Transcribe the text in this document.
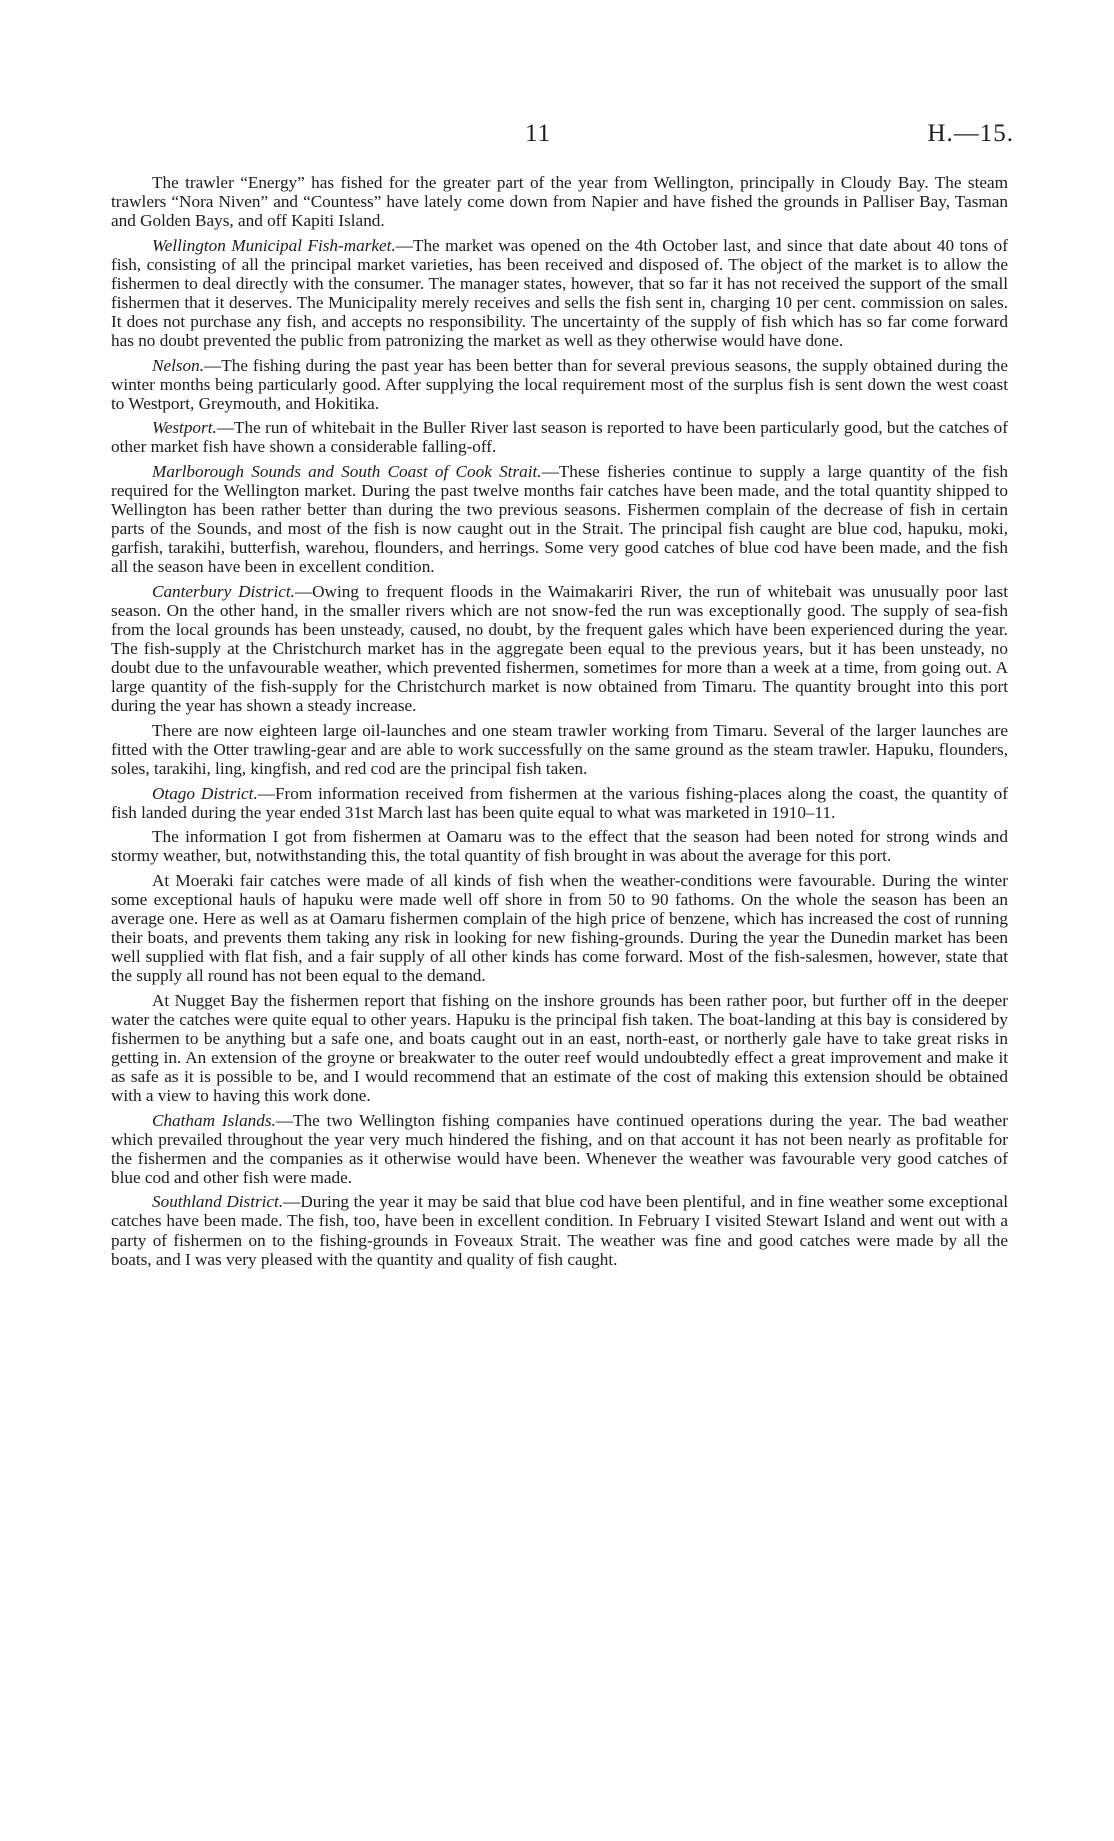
11	H.—15.

The trawler “Energy” has fished for the greater part of the year from Wellington, principally in Cloudy Bay. The steam trawlers “Nora Niven” and “Countess” have lately come down from Napier and have fished the grounds in Palliser Bay, Tasman and Golden Bays, and off Kapiti Island.

Wellington Municipal Fish-market.—The market was opened on the 4th October last, and since that date about 40 tons of fish, consisting of all the principal market varieties, has been received and disposed of. The object of the market is to allow the fishermen to deal directly with the consumer. The manager states, however, that so far it has not received the support of the small fishermen that it deserves. The Municipality merely receives and sells the fish sent in, charging 10 per cent. commission on sales. It does not purchase any fish, and accepts no responsibility. The uncertainty of the supply of fish which has so far come forward has no doubt prevented the public from patronizing the market as well as they otherwise would have done.

Nelson.—The fishing during the past year has been better than for several previous seasons, the supply obtained during the winter months being particularly good. After supplying the local requirement most of the surplus fish is sent down the west coast to Westport, Greymouth, and Hokitika.

Westport.—The run of whitebait in the Buller River last season is reported to have been particularly good, but the catches of other market fish have shown a considerable falling-off.

Marlborough Sounds and South Coast of Cook Strait.—These fisheries continue to supply a large quantity of the fish required for the Wellington market. During the past twelve months fair catches have been made, and the total quantity shipped to Wellington has been rather better than during the two previous seasons. Fishermen complain of the decrease of fish in certain parts of the Sounds, and most of the fish is now caught out in the Strait. The principal fish caught are blue cod, hapuku, moki, garfish, tarakihi, butterfish, warehou, flounders, and herrings. Some very good catches of blue cod have been made, and the fish all the season have been in excellent condition.

Canterbury District.—Owing to frequent floods in the Waimakariri River, the run of whitebait was unusually poor last season. On the other hand, in the smaller rivers which are not snow-fed the run was exceptionally good. The supply of sea-fish from the local grounds has been unsteady, caused, no doubt, by the frequent gales which have been experienced during the year. The fish-supply at the Christchurch market has in the aggregate been equal to the previous years, but it has been unsteady, no doubt due to the unfavourable weather, which prevented fishermen, sometimes for more than a week at a time, from going out. A large quantity of the fish-supply for the Christchurch market is now obtained from Timaru. The quantity brought into this port during the year has shown a steady increase.

There are now eighteen large oil-launches and one steam trawler working from Timaru. Several of the larger launches are fitted with the Otter trawling-gear and are able to work successfully on the same ground as the steam trawler. Hapuku, flounders, soles, tarakihi, ling, kingfish, and red cod are the principal fish taken.

Otago District.—From information received from fishermen at the various fishing-places along the coast, the quantity of fish landed during the year ended 31st March last has been quite equal to what was marketed in 1910–11.

The information I got from fishermen at Oamaru was to the effect that the season had been noted for strong winds and stormy weather, but, notwithstanding this, the total quantity of fish brought in was about the average for this port.

At Moeraki fair catches were made of all kinds of fish when the weather-conditions were favourable. During the winter some exceptional hauls of hapuku were made well off shore in from 50 to 90 fathoms. On the whole the season has been an average one. Here as well as at Oamaru fishermen complain of the high price of benzene, which has increased the cost of running their boats, and prevents them taking any risk in looking for new fishing-grounds. During the year the Dunedin market has been well supplied with flat fish, and a fair supply of all other kinds has come forward. Most of the fish-salesmen, however, state that the supply all round has not been equal to the demand.

At Nugget Bay the fishermen report that fishing on the inshore grounds has been rather poor, but further off in the deeper water the catches were quite equal to other years. Hapuku is the principal fish taken. The boat-landing at this bay is considered by fishermen to be anything but a safe one, and boats caught out in an east, north-east, or northerly gale have to take great risks in getting in. An extension of the groyne or breakwater to the outer reef would undoubtedly effect a great improvement and make it as safe as it is possible to be, and I would recommend that an estimate of the cost of making this extension should be obtained with a view to having this work done.

Chatham Islands.—The two Wellington fishing companies have continued operations during the year. The bad weather which prevailed throughout the year very much hindered the fishing, and on that account it has not been nearly as profitable for the fishermen and the companies as it otherwise would have been. Whenever the weather was favourable very good catches of blue cod and other fish were made.

Southland District.—During the year it may be said that blue cod have been plentiful, and in fine weather some exceptional catches have been made. The fish, too, have been in excellent condition. In February I visited Stewart Island and went out with a party of fishermen on to the fishing-grounds in Foveaux Strait. The weather was fine and good catches were made by all the boats, and I was very pleased with the quantity and quality of fish caught.
